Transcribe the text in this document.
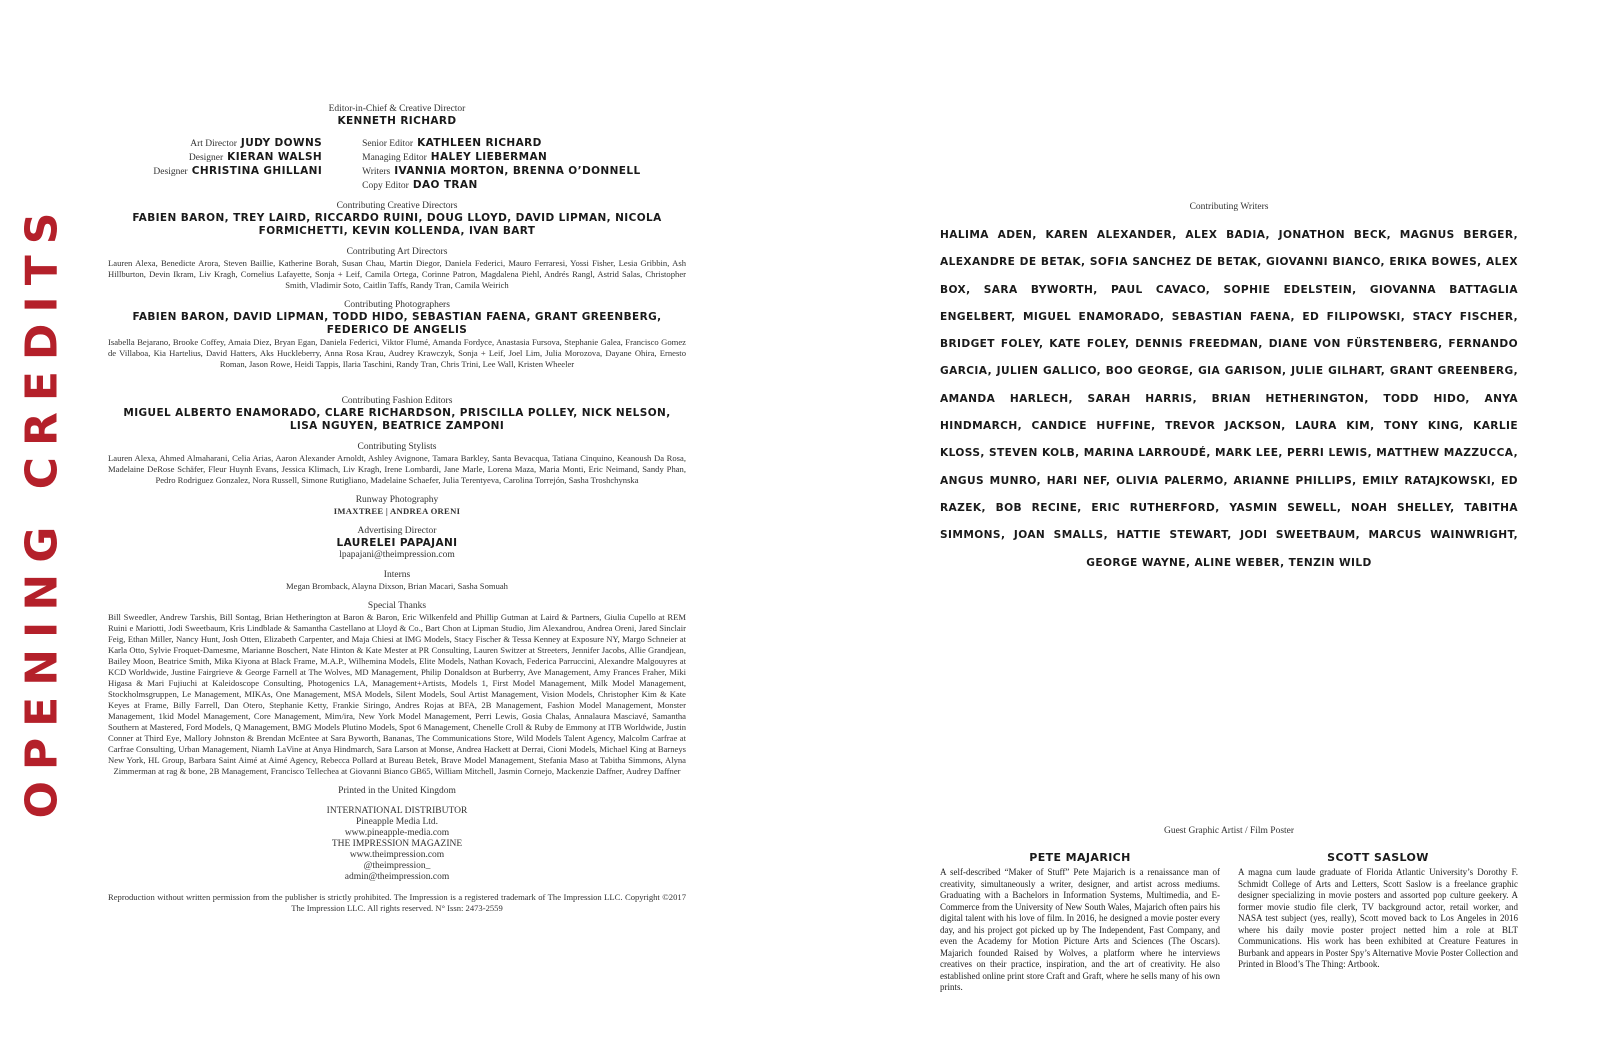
OPENING CREDITS
Editor-in-Chief & Creative Director
KENNETH RICHARD
Art Director JUDY DOWNS
Designer KIERAN WALSH
Designer CHRISTINA GHILLANI
Senior Editor KATHLEEN RICHARD
Managing Editor HALEY LIEBERMAN
Writers IVANNIA MORTON, BRENNA O’DONNELL
Copy Editor DAO TRAN
Contributing Creative Directors
FABIEN BARON, TREY LAIRD, RICCARDO RUINI, DOUG LLOYD, DAVID LIPMAN, NICOLA FORMICHETTI, KEVIN KOLLENDA, IVAN BART
Contributing Art Directors
Lauren Alexa, Benedicte Arora, Steven Baillie, Katherine Borah, Susan Chau, Martin Diegor, Daniela Federici, Mauro Ferraresi, Yossi Fisher, Lesia Gribbin, Ash Hillburton, Devin Ikram, Liv Kragh, Cornelius Lafayette, Sonja + Leif, Camila Ortega, Corinne Patron, Magdalena Piehl, Andrés Rangl, Astrid Salas, Christopher Smith, Vladimir Soto, Caitlin Taffs, Randy Tran, Camila Weirich
Contributing Photographers
FABIEN BARON, DAVID LIPMAN, TODD HIDO, SEBASTIAN FAENA, GRANT GREENBERG, FEDERICO DE ANGELIS
Isabella Bejarano, Brooke Coffey, Amaia Diez, Bryan Egan, Daniela Federici, Viktor Flumé, Amanda Fordyce, Anastasia Fursova, Stephanie Galea, Francisco Gomez de Villaboa, Kia Hartelius, David Hatters, Aks Huckleberry, Anna Rosa Krau, Audrey Krawczyk, Sonja + Leif, Joel Lim, Julia Morozova, Dayane Ohira, Ernesto Roman, Jason Rowe, Heidi Tappis, Ilaria Taschini, Randy Tran, Chris Trini, Lee Wall, Kristen Wheeler
Contributing Fashion Editors
MIGUEL ALBERTO ENAMORADO, CLARE RICHARDSON, PRISCILLA POLLEY, NICK NELSON, LISA NGUYEN, BEATRICE ZAMPONI
Contributing Stylists
Lauren Alexa, Ahmed Almaharani, Celia Arias, Aaron Alexander Arnoldt, Ashley Avignone, Tamara Barkley, Santa Bevacqua, Tatiana Cinquino, Keanoush Da Rosa, Madelaine DeRose Schäfer, Fleur Huynh Evans, Jessica Klimach, Liv Kragh, Irene Lombardi, Jane Marle, Lorena Maza, Maria Monti, Eric Neimand, Sandy Phan, Pedro Rodriguez Gonzalez, Nora Russell, Simone Rutigliano, Madelaine Schaefer, Julia Terentyeva, Carolina Torrejón, Sasha Troshchynska
Runway Photography
IMAXTREE | ANDREA ORENI
Advertising Director
LAURELEI PAPAJANI
lpapajani@theimpression.com
Interns
Megan Bromback, Alayna Dixson, Brian Macari, Sasha Somuah
Special Thanks
Bill Sweedler, Andrew Tarshis, Bill Sontag, Brian Hetherington at Baron & Baron, Eric Wilkenfeld and Phillip Gutman at Laird & Partners, Giulia Cupello at REM Ruini e Mariotti, Jodi Sweetbaum, Kris Lindblade & Samantha Castellano at Lloyd & Co., Bart Chon at Lipman Studio, Jim Alexandrou, Andrea Oreni, Jared Sinclair Feig, Ethan Miller, Nancy Hunt, Josh Otten, Elizabeth Carpenter, and Maja Chiesi at IMG Models, Stacy Fischer & Tessa Kenney at Exposure NY, Margo Schneier at Karla Otto, Sylvie Froquet-Damesme, Marianne Boschert, Nate Hinton & Kate Mester at PR Consulting, Lauren Switzer at Streeters, Jennifer Jacobs, Allie Grandjean, Bailey Moon, Beatrice Smith, Mika Kiyona at Black Frame, M.A.P., Wilhemina Models, Elite Models, Nathan Kovach, Federica Parruccini, Alexandre Malgouyres at KCD Worldwide, Justine Fairgrieve & George Farnell at The Wolves, MD Management, Philip Donaldson at Burberry, Ave Management, Amy Frances Fraher, Miki Higasa & Mari Fujiuchi at Kaleidoscope Consulting, Photogenics LA, Management+Artists, Models 1, First Model Management, Milk Model Management, Stockholmsgruppen, Le Management, MIKAs, One Management, MSA Models, Silent Models, Soul Artist Management, Vision Models, Christopher Kim & Kate Keyes at Frame, Billy Farrell, Dan Otero, Stephanie Ketty, Frankie Siringo, Andres Rojas at BFA, 2B Management, Fashion Model Management, Monster Management, 1kid Model Management, Core Management, Mim/ira, New York Model Management, Perri Lewis, Gosia Chalas, Annalaura Masciavé, Samantha Southern at Mastered, Ford Models, Q Management, BMG Models Plutino Models, Spot 6 Management, Chenelle Croll & Ruby de Emmony at ITB Worldwide, Justin Conner at Third Eye, Mallory Johnston & Brendan McEntee at Sara Byworth, Bananas, The Communications Store, Wild Models Talent Agency, Malcolm Carfrae at Carfrae Consulting, Urban Management, Niamh LaVine at Anya Hindmarch, Sara Larson at Monse, Andrea Hackett at Derrai, Cioni Models, Michael King at Barneys New York, HL Group, Barbara Saint Aimé at Aimé Agency, Rebecca Pollard at Bureau Betek, Brave Model Management, Stefania Maso at Tabitha Simmons, Alyna Zimmerman at rag & bone, 2B Management, Francisco Tellechea at Giovanni Bianco GB65, William Mitchell, Jasmin Cornejo, Mackenzie Daffner, Audrey Daffner
Printed in the United Kingdom
INTERNATIONAL DISTRIBUTOR
Pineapple Media Ltd.
www.pineapple-media.com
THE IMPRESSION MAGAZINE
www.theimpression.com
@theimpression_
admin@theimpression.com
Reproduction without written permission from the publisher is strictly prohibited. The Impression is a registered trademark of The Impression LLC. Copyright ©2017 The Impression LLC. All rights reserved. N° Issn: 2473-2559
Contributing Writers
HALIMA ADEN, KAREN ALEXANDER, ALEX BADIA, JONATHON BECK, MAGNUS BERGER, ALEXANDRE DE BETAK, SOFIA SANCHEZ DE BETAK, GIOVANNI BIANCO, ERIKA BOWES, ALEX BOX, SARA BYWORTH, PAUL CAVACO, SOPHIE EDELSTEIN, GIOVANNA BATTAGLIA ENGELBERT, MIGUEL ENAMORADO, SEBASTIAN FAENA, ED FILIPOWSKI, STACY FISCHER, BRIDGET FOLEY, KATE FOLEY, DENNIS FREEDMAN, DIANE VON FÜRSTENBERG, FERNANDO GARCIA, JULIEN GALLICO, BOO GEORGE, GIA GARISON, JULIE GILHART, GRANT GREENBERG, AMANDA HARLECH, SARAH HARRIS, BRIAN HETHERINGTON, TODD HIDO, ANYA HINDMARCH, CANDICE HUFFINE, TREVOR JACKSON, LAURA KIM, TONY KING, KARLIE KLOSS, STEVEN KOLB, MARINA LARROUDÉ, MARK LEE, PERRI LEWIS, MATTHEW MAZZUCCA, ANGUS MUNRO, HARI NEF, OLIVIA PALERMO, ARIANNE PHILLIPS, EMILY RATAJKOWSKI, ED RAZEK, BOB RECINE, ERIC RUTHERFORD, YASMIN SEWELL, NOAH SHELLEY, TABITHA SIMMONS, JOAN SMALLS, HATTIE STEWART, JODI SWEETBAUM, MARCUS WAINWRIGHT, GEORGE WAYNE, ALINE WEBER, TENZIN WILD
Guest Graphic Artist / Film Poster
PETE MAJARICH

A self-described “Maker of Stuff” Pete Majarich is a renaissance man of creativity, simultaneously a writer, designer, and artist across mediums. Graduating with a Bachelors in Information Systems, Multimedia, and E-Commerce from the University of New South Wales, Majarich often pairs his digital talent with his love of film. In 2016, he designed a movie poster every day, and his project got picked up by The Independent, Fast Company, and even the Academy for Motion Picture Arts and Sciences (The Oscars). Majarich founded Raised by Wolves, a platform where he interviews creatives on their practice, inspiration, and the art of creativity. He also established online print store Craft and Graft, where he sells many of his own prints.

SCOTT SASLOW

A magna cum laude graduate of Florida Atlantic University’s Dorothy F. Schmidt College of Arts and Letters, Scott Saslow is a freelance graphic designer specializing in movie posters and assorted pop culture geekery. A former movie studio file clerk, TV background actor, retail worker, and NASA test subject (yes, really), Scott moved back to Los Angeles in 2016 where his daily movie poster project netted him a role at BLT Communications. His work has been exhibited at Creature Features in Burbank and appears in Poster Spy’s Alternative Movie Poster Collection and Printed in Blood’s The Thing: Artbook.
